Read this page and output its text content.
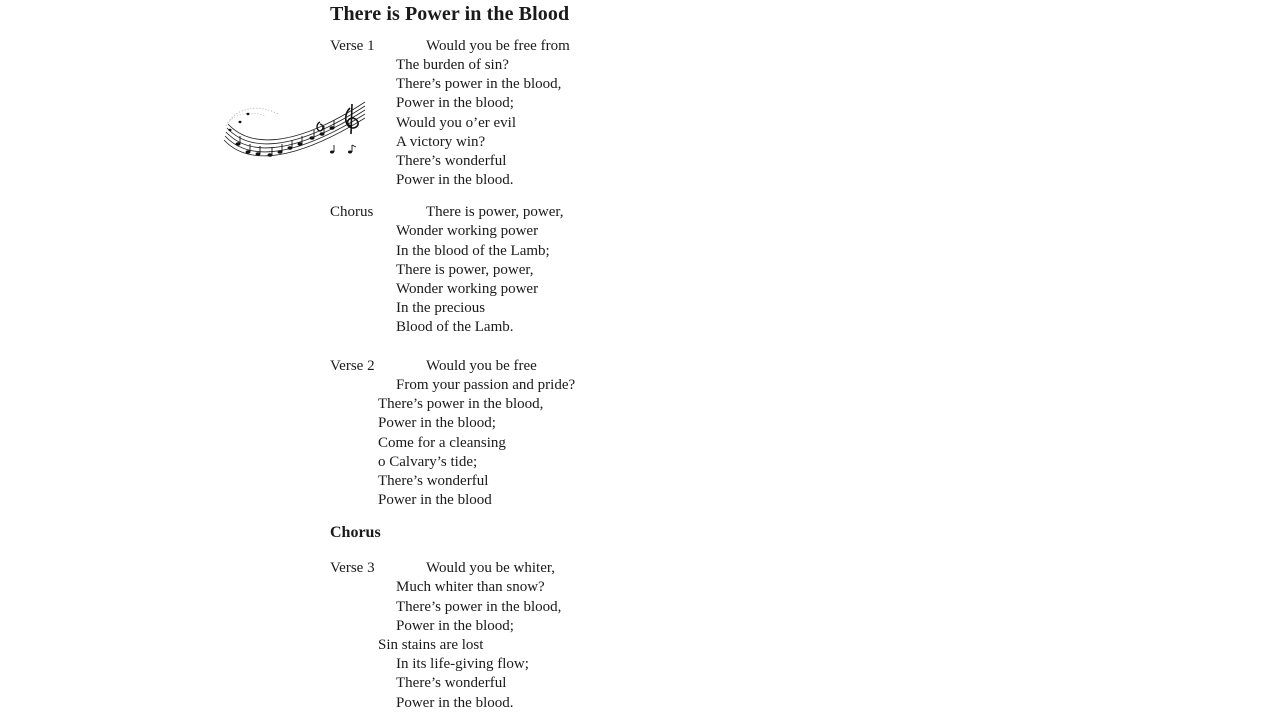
There is Power in the Blood
Verse 1	Would you be free from
The burden of sin?
There’s power in the blood,
Power in the blood;
Would you o’er evil
A victory win?
There’s wonderful
Power in the blood.
Chorus	There is power, power,
Wonder working power
In the blood of the Lamb;
There is power, power,
Wonder working power
In the precious
Blood of the Lamb.
Verse 2	Would you be free
From your passion and pride?
There’s power in the blood,
Power in the blood;
Come for a cleansing
o Calvary’s tide;
There’s wonderful
Power in the blood
Chorus
Verse 3	Would you be whiter,
Much whiter than snow?
There’s power in the blood,
Power in the blood;
Sin stains are lost
In its life-giving flow;
There’s wonderful
Power in the blood.
